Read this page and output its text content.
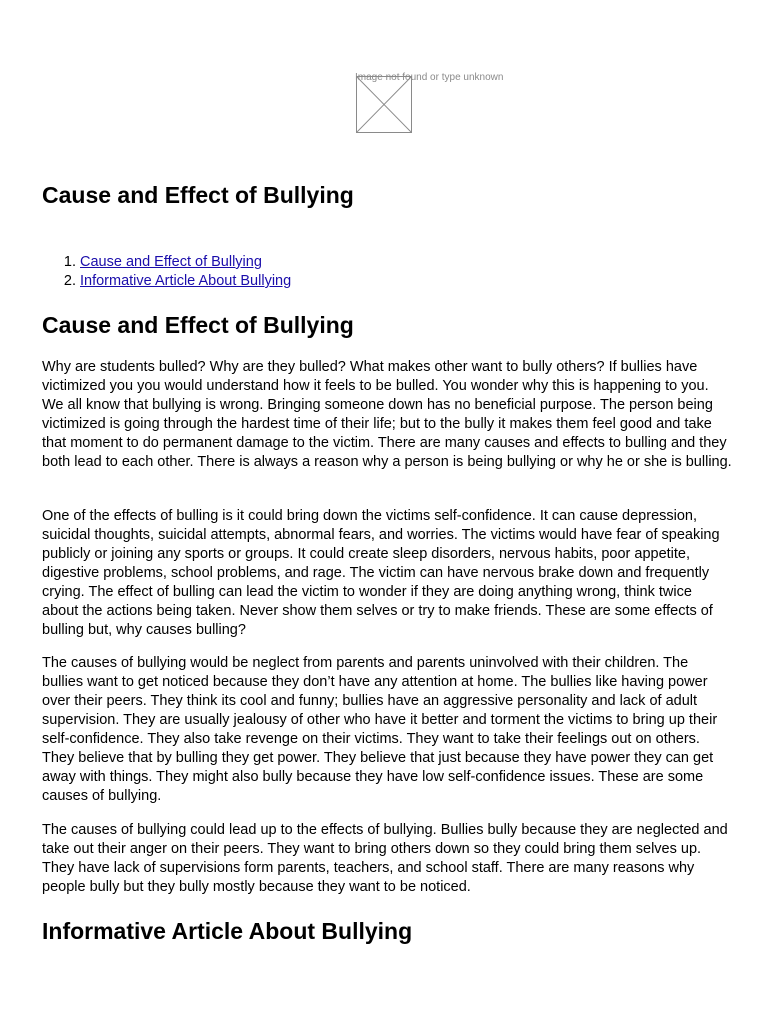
Image not found or type unknown
Cause and Effect of Bullying
1. Cause and Effect of Bullying
2. Informative Article About Bullying
Cause and Effect of Bullying

Why are students bulled? Why are they bulled? What makes other want to bully others? If bullies have victimized you you would understand how it feels to be bulled. You wonder why this is happening to you. We all know that bullying is wrong. Bringing someone down has no beneficial purpose. The person being victimized is going through the hardest time of their life; but to the bully it makes them feel good and take that moment to do permanent damage to the victim. There are many causes and effects to bulling and they both lead to each other. There is always a reason why a person is being bullying or why he or she is bulling.

One of the effects of bulling is it could bring down the victims self-confidence. It can cause depression, suicidal thoughts, suicidal attempts, abnormal fears, and worries. The victims would have fear of speaking publicly or joining any sports or groups. It could create sleep disorders, nervous habits, poor appetite, digestive problems, school problems, and rage. The victim can have nervous brake down and frequently crying. The effect of bulling can lead the victim to wonder if they are doing anything wrong, think twice about the actions being taken. Never show them selves or try to make friends. These are some effects of bulling but, why causes bulling?

The causes of bullying would be neglect from parents and parents uninvolved with their children. The bullies want to get noticed because they don’t have any attention at home. The bullies like having power over their peers. They think its cool and funny; bullies have an aggressive personality and lack of adult supervision. They are usually jealousy of other who have it better and torment the victims to bring up their self-confidence. They also take revenge on their victims. They want to take their feelings out on others. They believe that by bulling they get power. They believe that just because they have power they can get away with things. They might also bully because they have low self-confidence issues. These are some causes of bullying.

The causes of bullying could lead up to the effects of bullying. Bullies bully because they are neglected and take out their anger on their peers. They want to bring others down so they could bring them selves up. They have lack of supervisions form parents, teachers, and school staff. There are many reasons why people bully but they bully mostly because they want to be noticed.

Informative Article About Bullying
